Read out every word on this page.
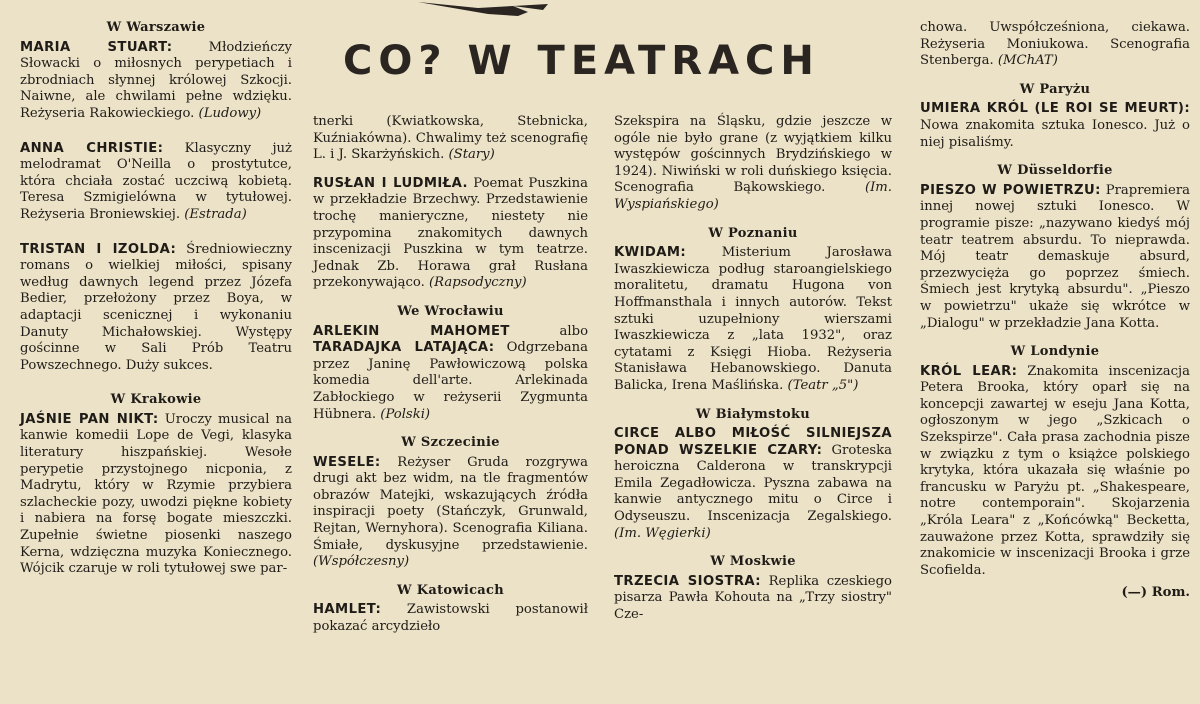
CO? W TEATRACH
W Warszawie
MARIA STUART: Młodzieńczy Słowacki o miłosnych perypetiach i zbrodniach słynnej królowej Szkocji. Naiwne, ale chwilami pełne wdzięku. Reżyseria Rakowieckiego. (Ludowy)
ANNA CHRISTIE: Klasyczny już melodramat O'Neilla o prostytutce, która chciała zostać uczciwą kobietą. Teresa Szmigielówna w tytułowej. Reżyseria Broniewskiej. (Estrada)
TRISTAN I IZOLDA: Średniowieczny romans o wielkiej miłości, spisany według dawnych legend przez Józefa Bedier, przełożony przez Boya, w adaptacji scenicznej i wykonaniu Danuty Michałowskiej. Występy gościnne w Sali Prób Teatru Powszechnego. Duży sukces.
W Krakowie
JAŚNIE PAN NIKT: Uroczy musical na kanwie komedii Lope de Vegi, klasyka literatury hiszpańskiej. Wesołe perypetie przystojnego nicponia, z Madrytu, który w Rzymie przybiera szlacheckie pozy, uwodzi piękne kobiety i nabiera na forsę bogate mieszczki. Zupełnie świetne piosenki naszego Kerna, wdzięczna muzyka Koniecznego. Wójcik czaruje w roli tytułowej swe par-
tnerki (Kwiatkowska, Stebnicka, Kuźniakówna). Chwalimy też scenografię L. i J. Skarżyńskich. (Stary)
RUSŁAN I LUDMIŁA. Poemat Puszkina w przekładzie Brzechwy. Przedstawienie trochę manieryczne, niestety nie przypomina znakomitych dawnych inscenizacji Puszkina w tym teatrze. Jednak Zb. Horawa grał Rusłana przekonywająco. (Rapsodyczny)
We Wrocławiu
ARLEKIN MAHOMET albo TARADAJKA LATAJĄCA: Odgrzebana przez Janinę Pawłowiczową polska komedia dell'arte. Arlekinada Zabłockiego w reżyserii Zygmunta Hübnera. (Polski)
W Szczecinie
WESELE: Reżyser Gruda rozgrywa drugi akt bez widm, na tle fragmentów obrazów Matejki, wskazujących źródła inspiracji poety (Stańczyk, Grunwald, Rejtan, Wernyhora). Scenografia Kiliana. Śmiałe, dyskusyjne przedstawienie. (Współczesny)
W Katowicach
HAMLET: Zawistowski postanowił pokazać arcydzieło
Szekspira na Śląsku, gdzie jeszcze w ogóle nie było grane (z wyjątkiem kilku występów gościnnych Brydzińskiego w 1924). Niwiński w roli duńskiego księcia. Scenografia Bąkowskiego. (Im. Wyspiańskiego)
W Poznaniu
KWIDAM: Misterium Jarosława Iwaszkiewicza podług staroangielskiego moralitetu, dramatu Hugona von Hoffmansthala i innych autorów. Tekst sztuki uzupełniony wierszami Iwaszkiewicza z „lata 1932", oraz cytatami z Księgi Hioba. Reżyseria Stanisława Hebanowskiego. Danuta Balicka, Irena Maślińska. (Teatr „5")
W Białymstoku
CIRCE ALBO MIŁOŚĆ SILNIEJSZA PONAD WSZELKIE CZARY: Groteska heroiczna Calderona w transkrypcji Emila Zegadłowicza. Pyszna zabawa na kanwie antycznego mitu o Circe i Odyseuszu. Inscenizacja Zegalskiego. (Im. Węgierki)
W Moskwie
TRZECIA SIOSTRA: Replika czeskiego pisarza Pawła Kohouta na „Trzy siostry" Cze-
chowa. Uwspółcześniona, ciekawa. Reżyseria Moniukowa. Scenografia Stenberga. (MChAT)
W Paryżu
UMIERA KRÓL (LE ROI SE MEURT): Nowa znakomita sztuka Ionesco. Już o niej pisaliśmy.
W Düsseldorfie
PIESZO W POWIETRZU: Prapremiera innej nowej sztuki Ionesco. W programie pisze: „nazywano kiedyś mój teatr teatrem absurdu. To nieprawda. Mój teatr demaskuje absurd, przezwycięża go poprzez śmiech. Śmiech jest krytyką absurdu". „Pieszo w powietrzu" ukaże się wkrótce w „Dialogu" w przekładzie Jana Kotta.
W Londynie
KRÓL LEAR: Znakomita inscenizacja Petera Brooka, który oparł się na koncepcji zawartej w eseju Jana Kotta, ogłoszonym w jego „Szkicach o Szekspirze". Cała prasa zachodnia pisze w związku z tym o książce polskiego krytyka, która ukazała się właśnie po francusku w Paryżu pt. „Shakespeare, notre contemporain". Skojarzenia „Króla Leara" z „Końcówką" Becketta, zauważone przez Kotta, sprawdziły się znakomicie w inscenizacji Brooka i grze Scofielda.
(—) Rom.
